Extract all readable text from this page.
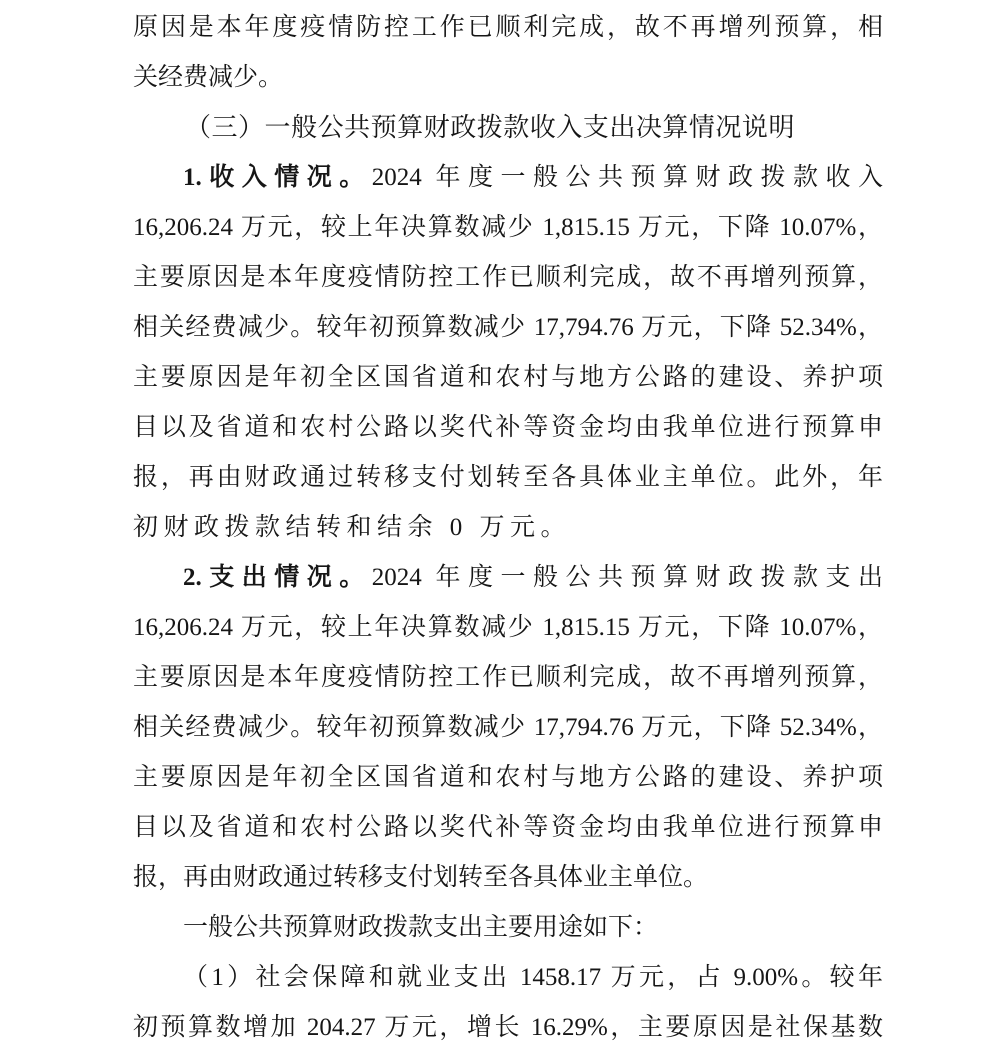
原因是本年度疫情防控工作已顺利完成，故不再增列预算，相
关经费减少。
（三）一般公共预算财政拨款收入支出决算情况说明
1.收入情况。2024 年度一般公共预算财政拨款收入
16,206.24 万元，较上年决算数减少 1,815.15 万元，下降 10.07%，
主要原因是本年度疫情防控工作已顺利完成，故不再增列预算，
相关经费减少。较年初预算数减少 17,794.76 万元，下降 52.34%，
主要原因是年初全区国省道和农村与地方公路的建设、养护项
目以及省道和农村公路以奖代补等资金均由我单位进行预算申
报，再由财政通过转移支付划转至各具体业主单位。此外，年
初财政拨款结转和结余 0 万元。
2.支出情况。2024 年度一般公共预算财政拨款支出
16,206.24 万元，较上年决算数减少 1,815.15 万元，下降 10.07%，
主要原因是本年度疫情防控工作已顺利完成，故不再增列预算，
相关经费减少。较年初预算数减少 17,794.76 万元，下降 52.34%，
主要原因是年初全区国省道和农村与地方公路的建设、养护项
目以及省道和农村公路以奖代补等资金均由我单位进行预算申
报，再由财政通过转移支付划转至各具体业主单位。
一般公共预算财政拨款支出主要用途如下：
（1）社会保障和就业支出 1458.17 万元，占 9.00%。较年
初预算数增加 204.27 万元，增长 16.29%，主要原因是社保基数
